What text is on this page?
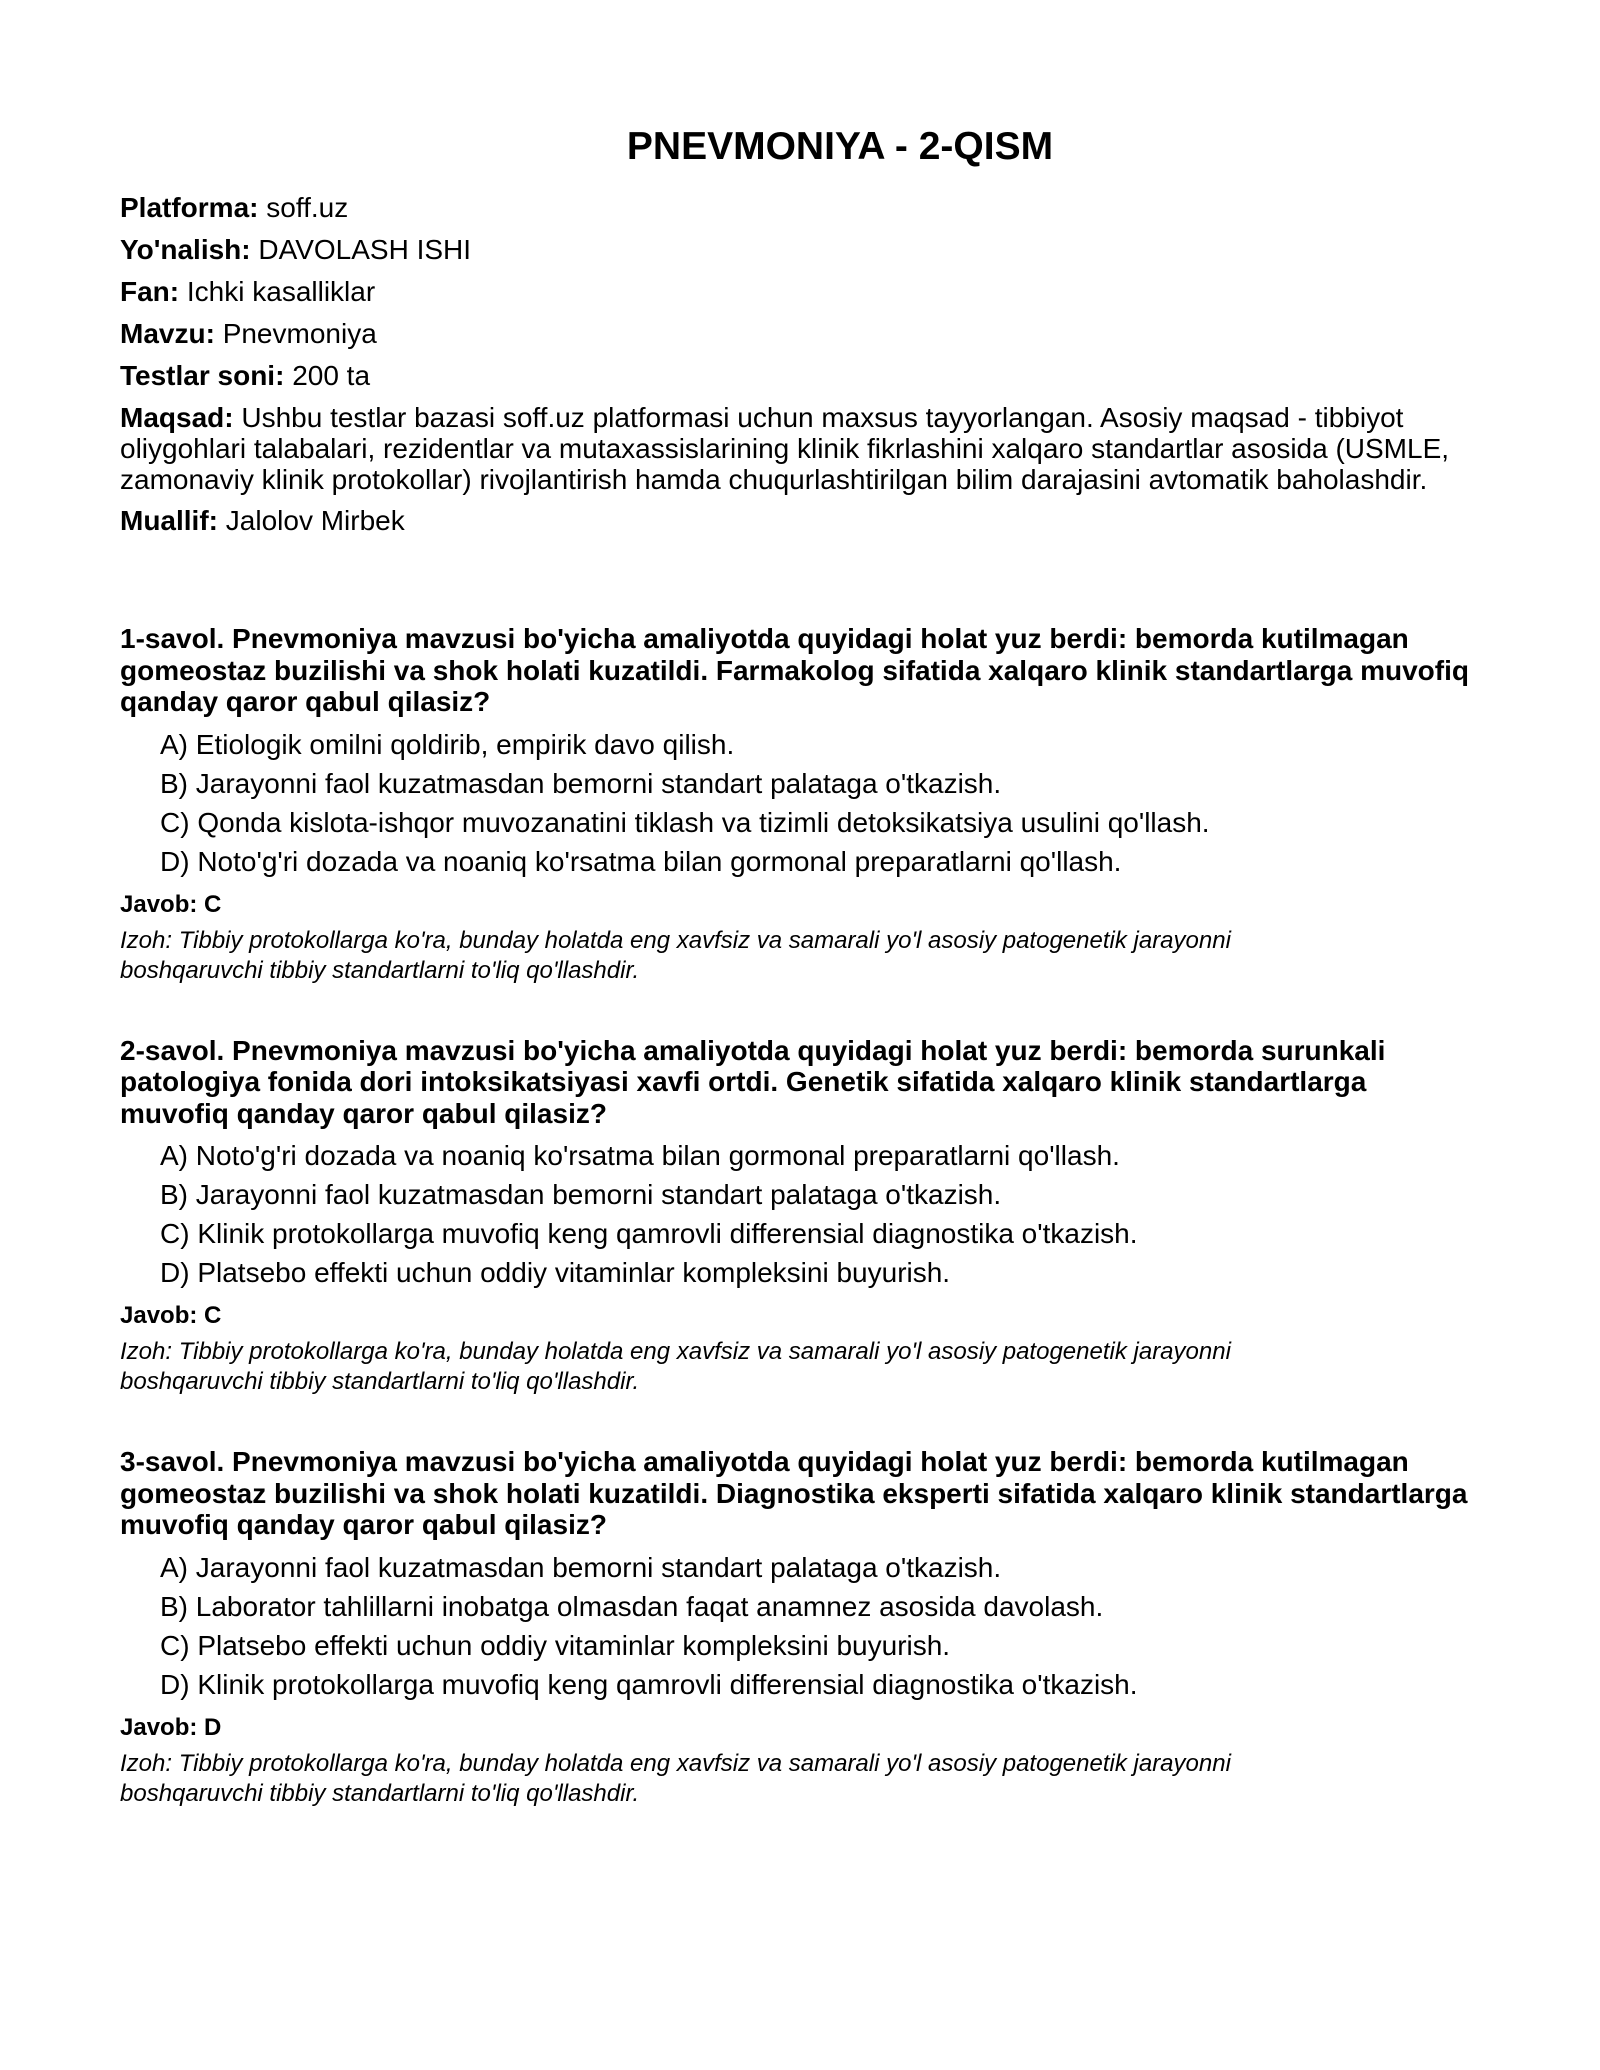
PNEVMONIYA - 2-QISM
Platforma: soff.uz
Yo'nalish: DAVOLASH ISHI
Fan: Ichki kasalliklar
Mavzu: Pnevmoniya
Testlar soni: 200 ta
Maqsad: Ushbu testlar bazasi soff.uz platformasi uchun maxsus tayyorlangan. Asosiy maqsad - tibbiyot oliygohlari talabalari, rezidentlar va mutaxassislarining klinik fikrlashini xalqaro standartlar asosida (USMLE, zamonaviy klinik protokollar) rivojlantirish hamda chuqurlashtirilgan bilim darajasini avtomatik baholashdir.
Muallif: Jalolov Mirbek
1-savol. Pnevmoniya mavzusi bo'yicha amaliyotda quyidagi holat yuz berdi: bemorda kutilmagan gomeostaz buzilishi va shok holati kuzatildi. Farmakolog sifatida xalqaro klinik standartlarga muvofiq qanday qaror qabul qilasiz?
A) Etiologik omilni qoldirib, empirik davo qilish.
B) Jarayonni faol kuzatmasdan bemorni standart palataga o'tkazish.
C) Qonda kislota-ishqor muvozanatini tiklash va tizimli detoksikatsiya usulini qo'llash.
D) Noto'g'ri dozada va noaniq ko'rsatma bilan gormonal preparatlarni qo'llash.
Javob: C
Izoh: Tibbiy protokollarga ko'ra, bunday holatda eng xavfsiz va samarali yo'l asosiy patogenetik jarayonni boshqaruvchi tibbiy standartlarni to'liq qo'llashdir.
2-savol. Pnevmoniya mavzusi bo'yicha amaliyotda quyidagi holat yuz berdi: bemorda surunkali patologiya fonida dori intoksikatsiyasi xavfi ortdi. Genetik sifatida xalqaro klinik standartlarga muvofiq qanday qaror qabul qilasiz?
A) Noto'g'ri dozada va noaniq ko'rsatma bilan gormonal preparatlarni qo'llash.
B) Jarayonni faol kuzatmasdan bemorni standart palataga o'tkazish.
C) Klinik protokollarga muvofiq keng qamrovli differensial diagnostika o'tkazish.
D) Platsebo effekti uchun oddiy vitaminlar kompleksini buyurish.
Javob: C
Izoh: Tibbiy protokollarga ko'ra, bunday holatda eng xavfsiz va samarali yo'l asosiy patogenetik jarayonni boshqaruvchi tibbiy standartlarni to'liq qo'llashdir.
3-savol. Pnevmoniya mavzusi bo'yicha amaliyotda quyidagi holat yuz berdi: bemorda kutilmagan gomeostaz buzilishi va shok holati kuzatildi. Diagnostika eksperti sifatida xalqaro klinik standartlarga muvofiq qanday qaror qabul qilasiz?
A) Jarayonni faol kuzatmasdan bemorni standart palataga o'tkazish.
B) Laborator tahlillarni inobatga olmasdan faqat anamnez asosida davolash.
C) Platsebo effekti uchun oddiy vitaminlar kompleksini buyurish.
D) Klinik protokollarga muvofiq keng qamrovli differensial diagnostika o'tkazish.
Javob: D
Izoh: Tibbiy protokollarga ko'ra, bunday holatda eng xavfsiz va samarali yo'l asosiy patogenetik jarayonni boshqaruvchi tibbiy standartlarni to'liq qo'llashdir.
